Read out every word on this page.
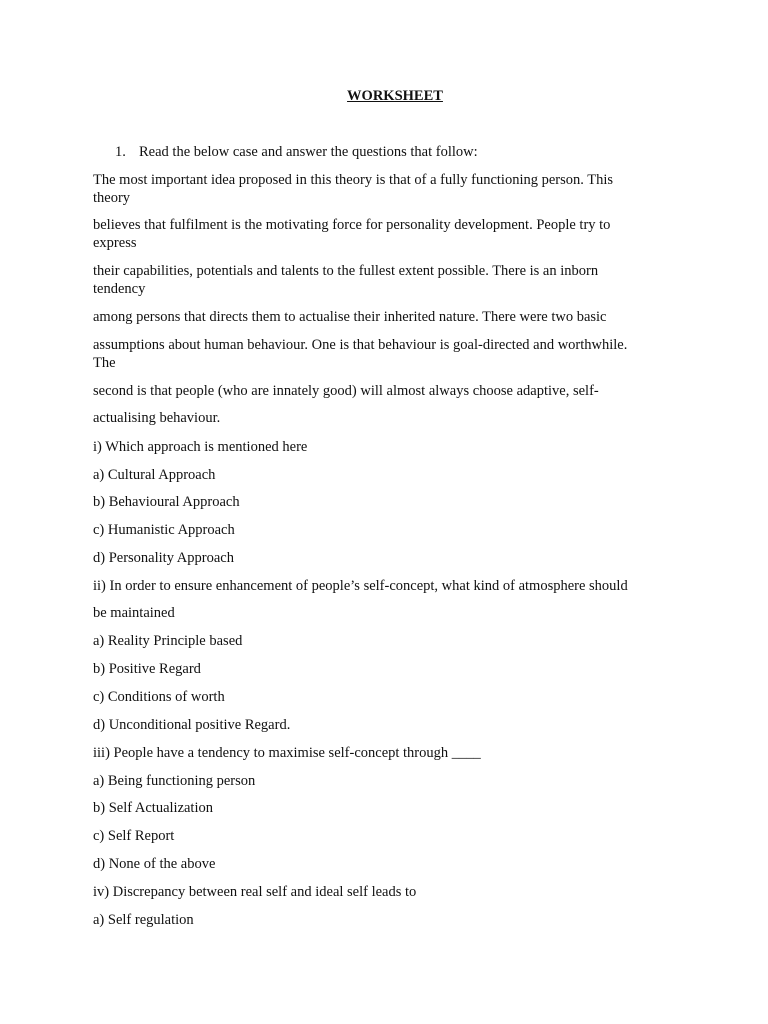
WORKSHEET
1. Read the below case and answer the questions that follow:

The most important idea proposed in this theory is that of a fully functioning person. This

theory

believes that fulfilment is the motivating force for personality development. People try to

express

their capabilities, potentials and talents to the fullest extent possible. There is an inborn

tendency

among persons that directs them to actualise their inherited nature. There were two basic

assumptions about human behaviour. One is that behaviour is goal-directed and worthwhile.

The

second is that people (who are innately good) will almost always choose adaptive, self-

actualising behaviour.

i) Which approach is mentioned here

a) Cultural Approach

b) Behavioural Approach

c) Humanistic Approach

d) Personality Approach

ii) In order to ensure enhancement of people’s self-concept, what kind of atmosphere should

be maintained

a) Reality Principle based

b) Positive Regard

c) Conditions of worth

d) Unconditional positive Regard.

iii) People have a tendency to maximise self-concept through ____

a) Being functioning person

b) Self Actualization

c) Self Report

d) None of the above

iv) Discrepancy between real self and ideal self leads to

a) Self regulation
